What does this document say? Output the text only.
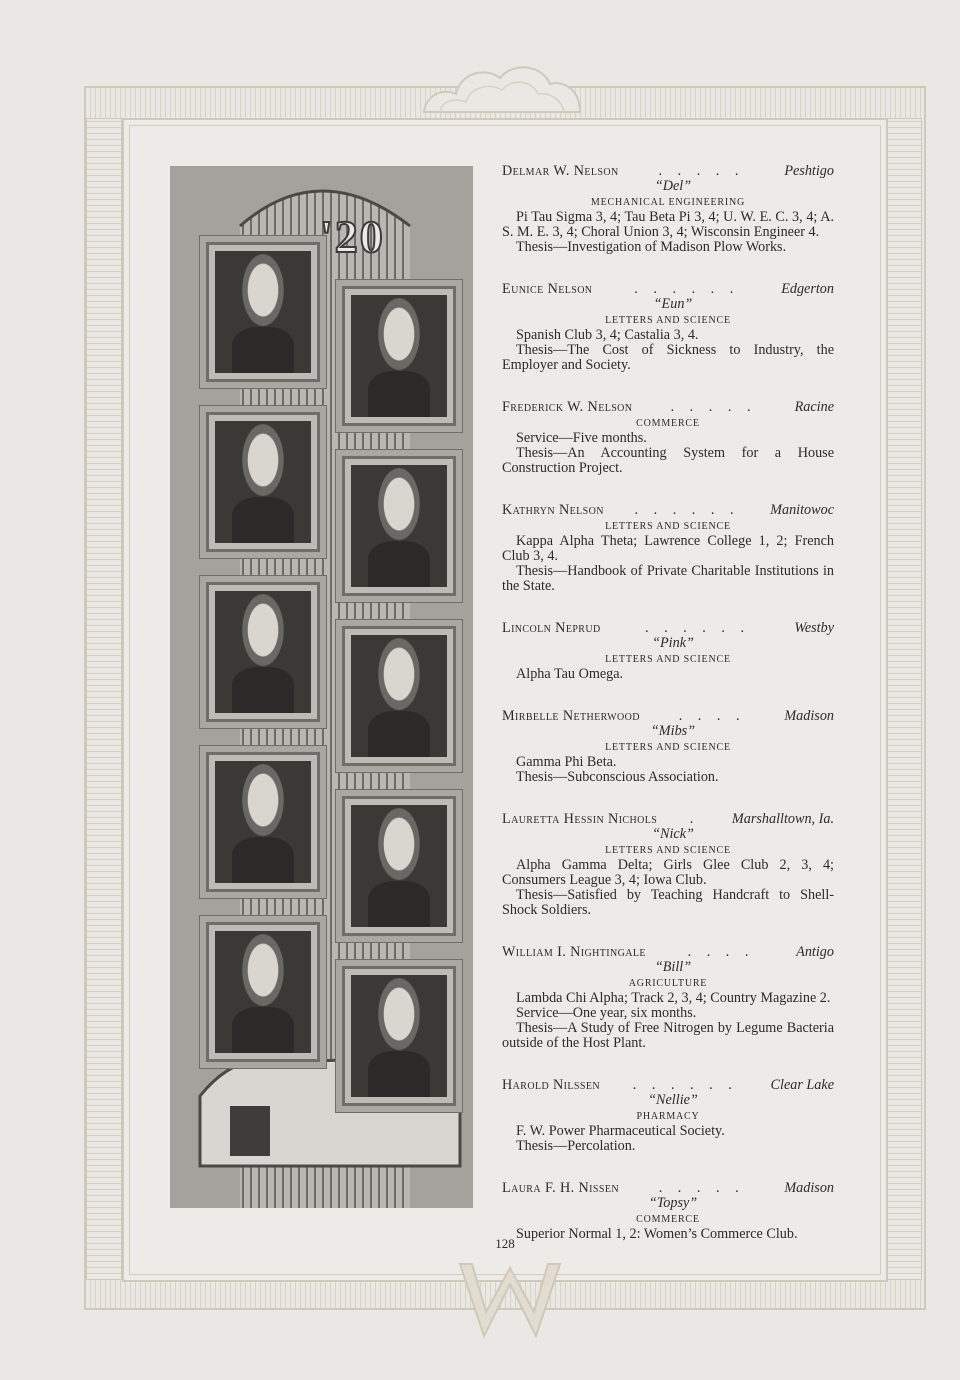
'20
Delmar W. Nelson	. . . . .	Peshtigo
“Del”
MECHANICAL ENGINEERING
Pi Tau Sigma 3, 4; Tau Beta Pi 3, 4; U. W. E. C. 3, 4; A. S. M. E. 3, 4; Choral Union 3, 4; Wisconsin Engineer 4.
Thesis—Investigation of Madison Plow Works.
Eunice Nelson	. . . . . .	Edgerton
“Eun”
LETTERS AND SCIENCE
Spanish Club 3, 4; Castalia 3, 4.
Thesis—The Cost of Sickness to Industry, the Employer and Society.
Frederick W. Nelson	. . . . .	Racine
COMMERCE
Service—Five months.
Thesis—An Accounting System for a House Construction Project.
Kathryn Nelson	. . . . . .	Manitowoc
LETTERS AND SCIENCE
Kappa Alpha Theta; Lawrence College 1, 2; French Club 3, 4.
Thesis—Handbook of Private Charitable Institutions in the State.
Lincoln Neprud	. . . . . .	Westby
“Pink”
LETTERS AND SCIENCE
Alpha Tau Omega.
Mirbelle Netherwood	. . . .	Madison
“Mibs”
LETTERS AND SCIENCE
Gamma Phi Beta.
Thesis—Subconscious Association.
Lauretta Hessin Nichols	.	Marshalltown, Ia.
“Nick”
LETTERS AND SCIENCE
Alpha Gamma Delta; Girls Glee Club 2, 3, 4; Consumers League 3, 4; Iowa Club.
Thesis—Satisfied by Teaching Handcraft to Shell-Shock Soldiers.
William I. Nightingale	. . . .	Antigo
“Bill”
AGRICULTURE
Lambda Chi Alpha; Track 2, 3, 4; Country Magazine 2.
Service—One year, six months.
Thesis—A Study of Free Nitrogen by Legume Bacteria outside of the Host Plant.
Harold Nilssen	. . . . . .	Clear Lake
“Nellie”
PHARMACY
F. W. Power Pharmaceutical Society.
Thesis—Percolation.
Laura F. H. Nissen	. . . . .	Madison
“Topsy”
COMMERCE
Superior Normal 1, 2: Women’s Commerce Club.
128
